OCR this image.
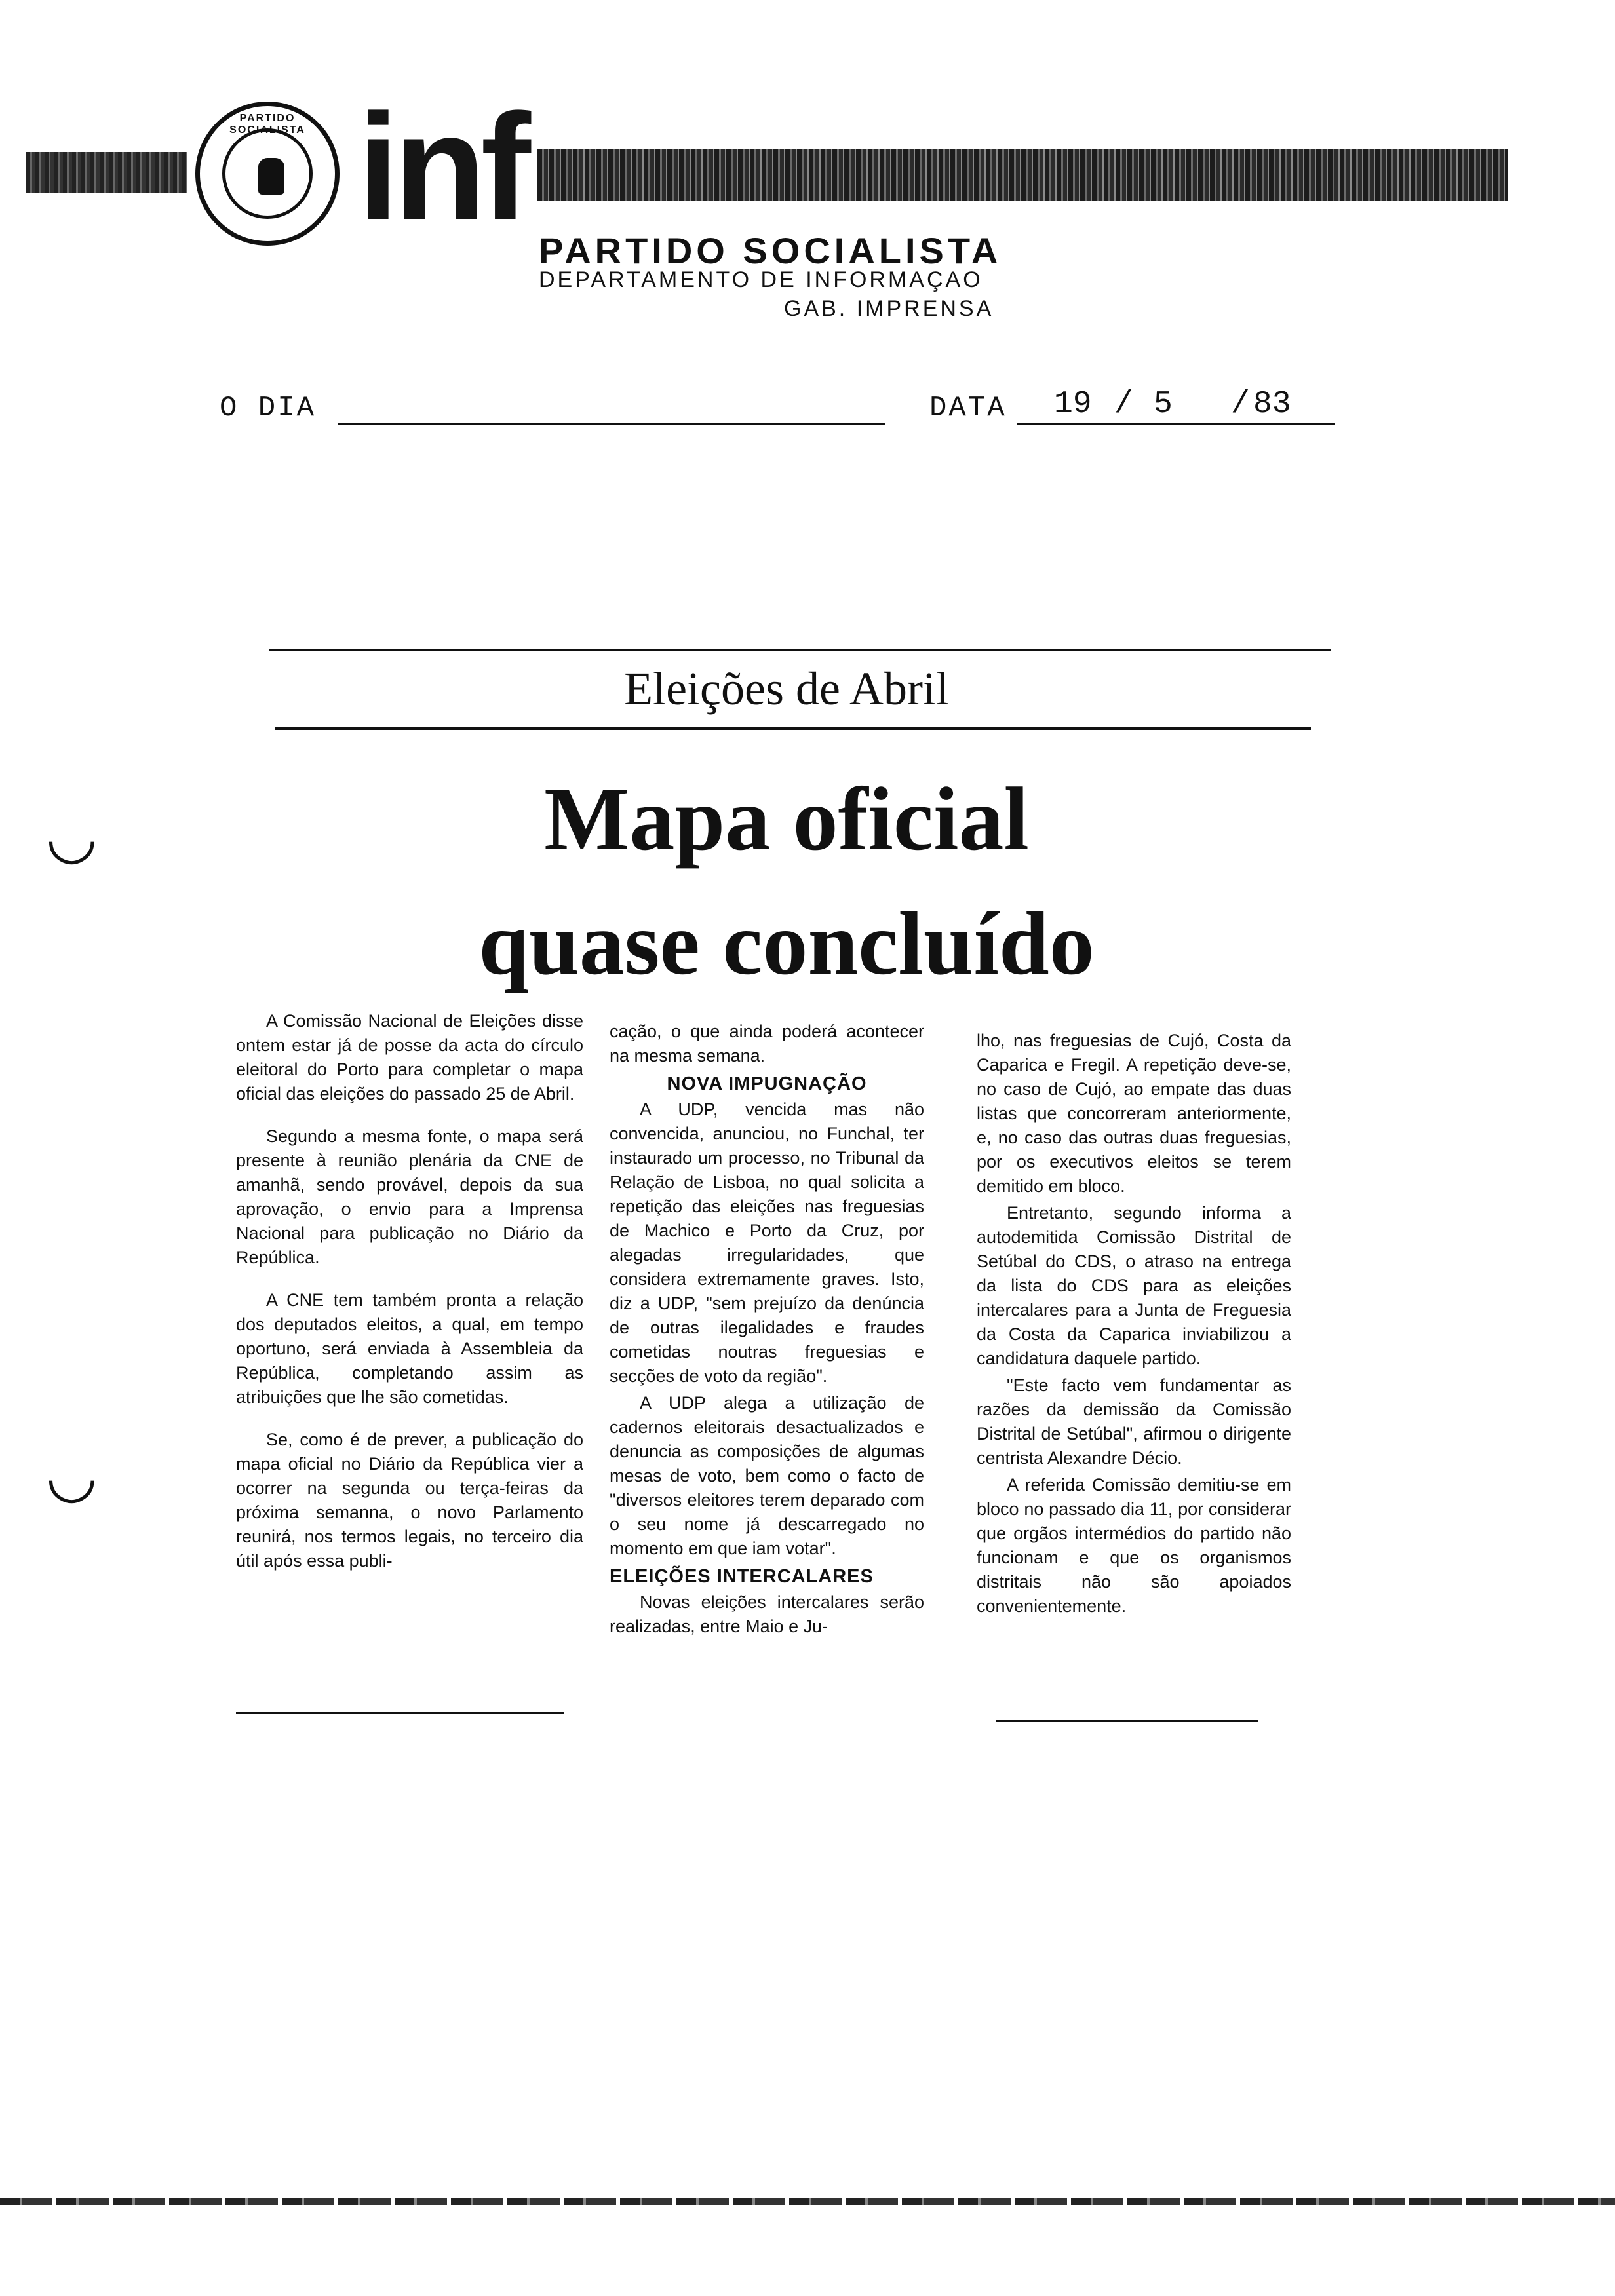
PARTIDO SOCIALISTA inf PARTIDO SOCIALISTA
DEPARTAMENTO DE INFORMAÇAO
GAB. IMPRENSA
O DIA	DATA 19 / 5 / 83
Eleições de Abril
Mapa oficial
quase concluído

A Comissão Nacional de Eleições disse ontem estar já de posse da acta do círculo eleitoral do Porto para completar o mapa oficial das eleições do passado 25 de Abril.

Segundo a mesma fonte, o mapa será presente à reunião plenária da CNE de amanhã, sendo provável, depois da sua aprovação, o envio para a Imprensa Nacional para publicação no Diário da República.

A CNE tem também pronta a relação dos deputados eleitos, a qual, em tempo oportuno, será enviada à Assembleia da República, completando assim as atribuições que lhe são cometidas.

Se, como é de prever, a publicação do mapa oficial no Diário da República vier a ocorrer na segunda ou terça-feiras da próxima semanna, o novo Parlamento reunirá, nos termos legais, no terceiro dia útil após essa publi-

cação, o que ainda poderá acontecer na mesma semana.

NOVA IMPUGNAÇÃO

A UDP, vencida mas não convencida, anunciou, no Funchal, ter instaurado um processo, no Tribunal da Relação de Lisboa, no qual solicita a repetição das eleições nas freguesias de Machico e Porto da Cruz, por alegadas irregularidades, que considera extremamente graves. Isto, diz a UDP, "sem prejuízo da denúncia de outras ilegalidades e fraudes cometidas noutras freguesias e secções de voto da região".

A UDP alega a utilização de cadernos eleitorais desactualizados e denuncia as composições de algumas mesas de voto, bem como o facto de "diversos eleitores terem deparado com o seu nome já descarregado no momento em que iam votar".

ELEIÇÕES INTERCALARES

Novas eleições intercalares serão realizadas, entre Maio e Ju-

lho, nas freguesias de Cujó, Costa da Caparica e Fregil. A repetição deve-se, no caso de Cujó, ao empate das duas listas que concorreram anteriormente, e, no caso das outras duas freguesias, por os executivos eleitos se terem demitido em bloco.

Entretanto, segundo informa a autodemitida Comissão Distrital de Setúbal do CDS, o atraso na entrega da lista do CDS para as eleições intercalares para a Junta de Freguesia da Costa da Caparica inviabilizou a candidatura daquele partido.

"Este facto vem fundamentar as razões da demissão da Comissão Distrital de Setúbal", afirmou o dirigente centrista Alexandre Décio.

A referida Comissão demitiu-se em bloco no passado dia 11, por considerar que orgãos intermédios do partido não funcionam e que os organismos distritais não são apoiados convenientemente.

◡
◡
